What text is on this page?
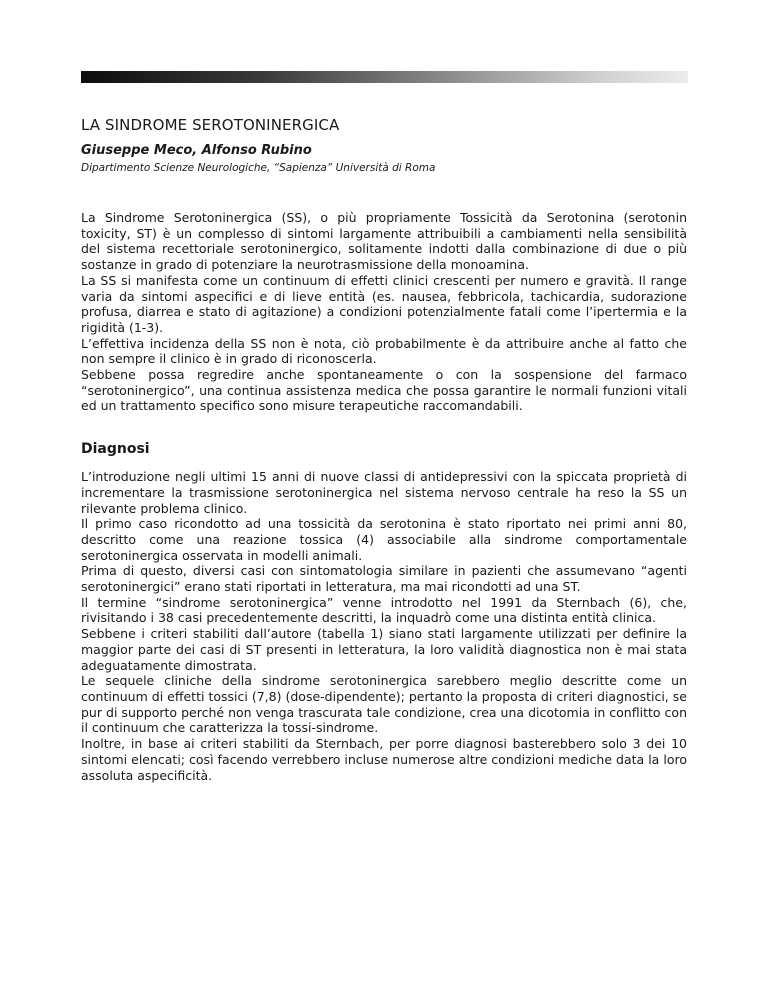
LA SINDROME SEROTONINERGICA
Giuseppe Meco, Alfonso Rubino
Dipartimento Scienze Neurologiche, “Sapienza” Università di Roma

La Sindrome Serotoninergica (SS), o più propriamente Tossicità da Serotonina (serotonin toxicity, ST) è un complesso di sintomi largamente attribuibili a cambiamenti nella sensibilità del sistema recettoriale serotoninergico, solitamente indotti dalla combinazione di due o più sostanze in grado di potenziare la neurotrasmissione della monoamina.

La SS si manifesta come un continuum di effetti clinici crescenti per numero e gravità. Il range varia da sintomi aspecifici e di lieve entità (es. nausea, febbricola, tachicardia, sudorazione profusa, diarrea e stato di agitazione) a condizioni potenzialmente fatali come l’ipertermia e la rigidità (1-3).

L’effettiva incidenza della SS non è nota, ciò probabilmente è da attribuire anche al fatto che non sempre il clinico è in grado di riconoscerla.

Sebbene possa regredire anche spontaneamente o con la sospensione del farmaco “serotoninergico”, una continua assistenza medica che possa garantire le normali funzioni vitali ed un trattamento specifico sono misure terapeutiche raccomandabili.

Diagnosi

L’introduzione negli ultimi 15 anni di nuove classi di antidepressivi con la spiccata proprietà di incrementare la trasmissione serotoninergica nel sistema nervoso centrale ha reso la SS un rilevante problema clinico.

Il primo caso ricondotto ad una tossicità da serotonina è stato riportato nei primi anni 80, descritto come una reazione tossica (4) associabile alla sindrome comportamentale serotoninergica osservata in modelli animali.

Prima di questo, diversi casi con sintomatologia similare in pazienti che assumevano “agenti serotoninergici” erano stati riportati in letteratura, ma mai ricondotti ad una ST.

Il termine “sindrome serotoninergica” venne introdotto nel 1991 da Sternbach (6), che, rivisitando i 38 casi precedentemente descritti, la inquadrò come una distinta entità clinica.

Sebbene i criteri stabiliti dall’autore (tabella 1) siano stati largamente utilizzati per definire la maggior parte dei casi di ST presenti in letteratura, la loro validità diagnostica non è mai stata adeguatamente dimostrata.

Le sequele cliniche della sindrome serotoninergica sarebbero meglio descritte come un continuum di effetti tossici (7,8) (dose-dipendente); pertanto la proposta di criteri diagnostici, se pur di supporto perché non venga trascurata tale condizione, crea una dicotomia in conflitto con il continuum che caratterizza la tossi-sindrome.

Inoltre, in base ai criteri stabiliti da Sternbach, per porre diagnosi basterebbero solo 3 dei 10 sintomi elencati; così facendo verrebbero incluse numerose altre condizioni mediche data la loro assoluta aspecificità.
